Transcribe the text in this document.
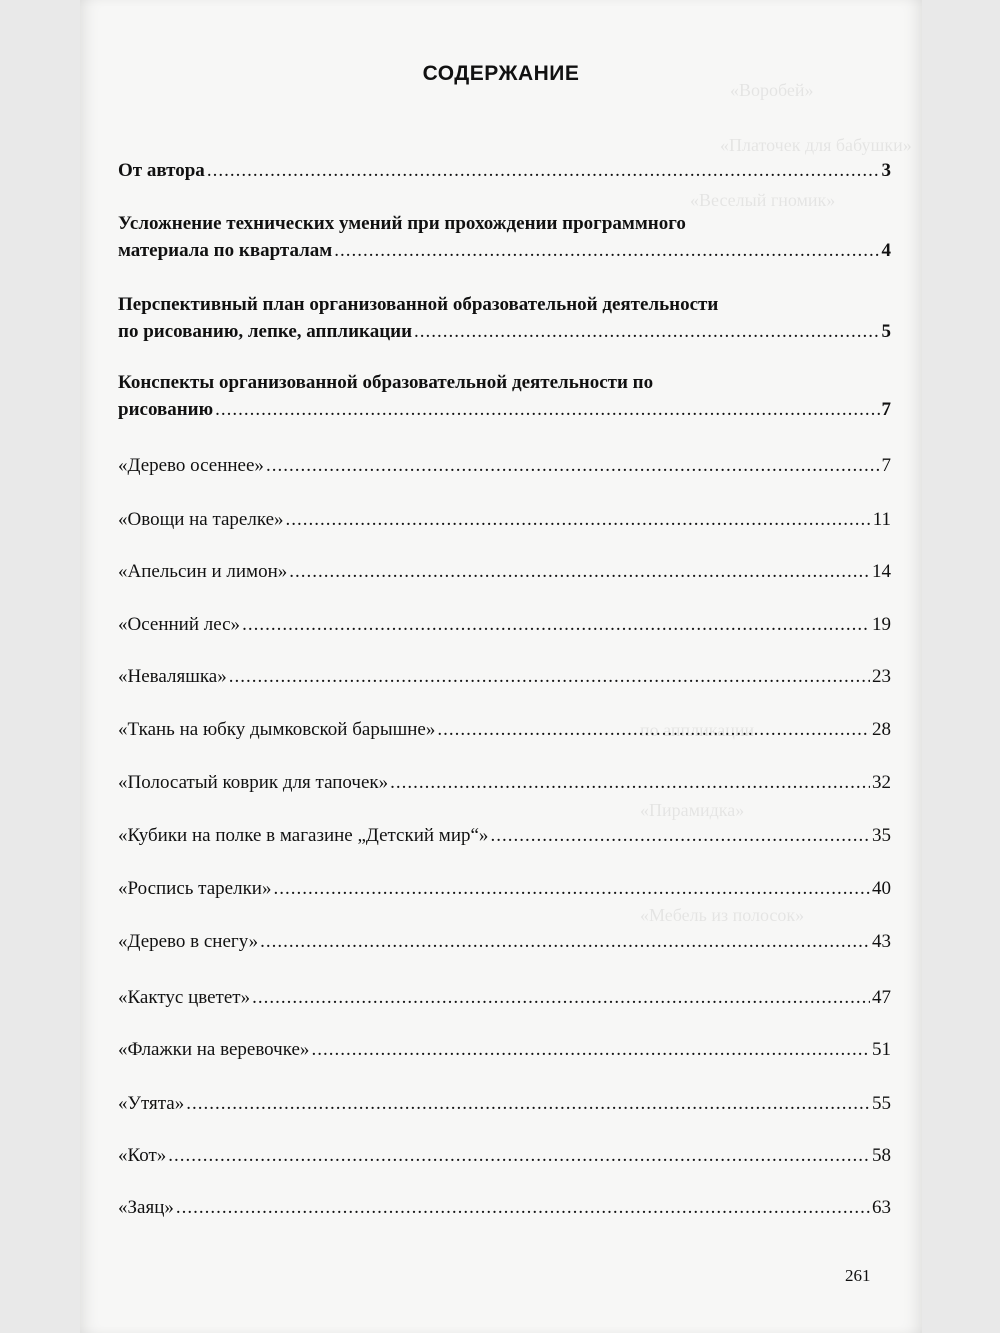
«Воробей»
«Платочек для бабушки»
«Веселый гномик»
по аппликации
«Пирамидка»
«Мебель из полосок»
СОДЕРЖАНИЕ
От автора .....	3
Усложнение технических умений при прохождении программного
материала по кварталам .....	4
Перспективный план организованной образовательной деятельности
по рисованию, лепке, аппликации .....	5
Конспекты организованной образовательной деятельности по
рисованию .....	7
«Дерево осеннее» .....	7
«Овощи на тарелке» .....	11
«Апельсин и лимон» .....	14
«Осенний лес» .....	19
«Неваляшка» .....	23
«Ткань на юбку дымковской барышне» .....	28
«Полосатый коврик для тапочек» .....	32
«Кубики на полке в магазине „Детский мир“» .....	35
«Роспись тарелки» .....	40
«Дерево в снегу» .....	43
«Кактус цветет» .....	47
«Флажки на веревочке» .....	51
«Утята» .....	55
«Кот» .....	58
«Заяц» .....	63
261
